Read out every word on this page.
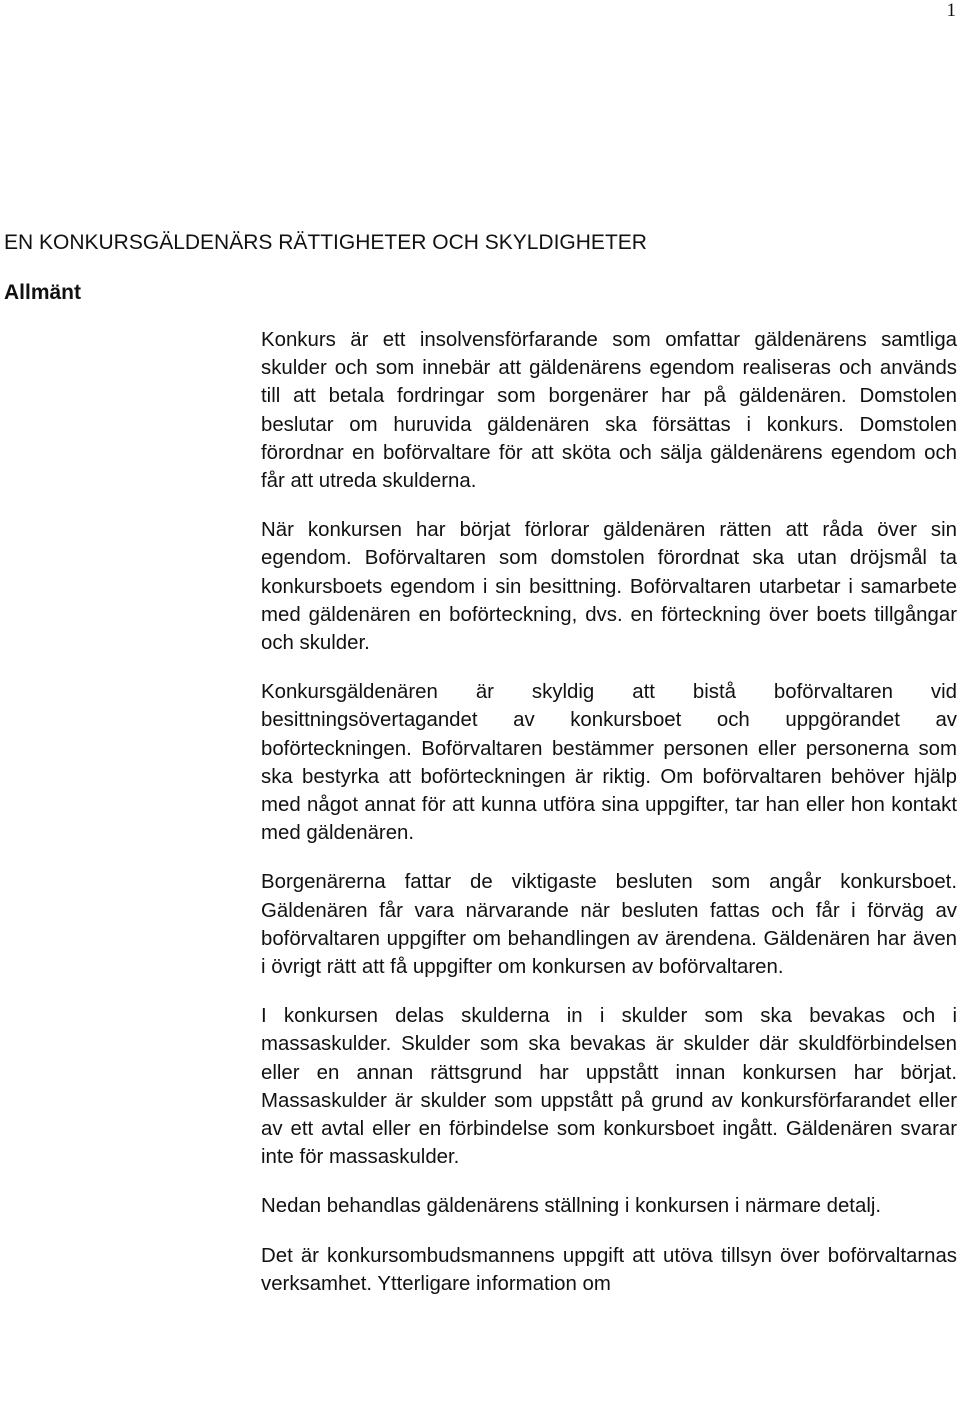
1
EN KONKURSGÄLDENÄRS RÄTTIGHETER OCH SKYLDIGHETER
Allmänt

Konkurs är ett insolvensförfarande som omfattar gäldenärens samtliga skulder och som innebär att gäldenärens egendom realiseras och används till att betala fordringar som borgenärer har på gäldenären. Domstolen beslutar om huruvida gäldenären ska försättas i konkurs. Domstolen förordnar en boförvaltare för att sköta och sälja gäldenärens egendom och får att utreda skulderna.

När konkursen har börjat förlorar gäldenären rätten att råda över sin egendom. Boförvaltaren som domstolen förordnat ska utan dröjsmål ta konkursboets egendom i sin besittning. Boförvaltaren utarbetar i samarbete med gäldenären en boförteckning, dvs. en förteckning över boets tillgångar och skulder.

Konkursgäldenären är skyldig att bistå boförvaltaren vid besittningsövertagandet av konkursboet och uppgörandet av boförteckningen. Boförvaltaren bestämmer personen eller personerna som ska bestyrka att boförteckningen är riktig. Om boförvaltaren behöver hjälp med något annat för att kunna utföra sina uppgifter, tar han eller hon kontakt med gäldenären.

Borgenärerna fattar de viktigaste besluten som angår konkursboet. Gäldenären får vara närvarande när besluten fattas och får i förväg av boförvaltaren uppgifter om behandlingen av ärendena. Gäldenären har även i övrigt rätt att få uppgifter om konkursen av boförvaltaren.

I konkursen delas skulderna in i skulder som ska bevakas och i massaskulder. Skulder som ska bevakas är skulder där skuldförbindelsen eller en annan rättsgrund har uppstått innan konkursen har börjat. Massaskulder är skulder som uppstått på grund av konkursförfarandet eller av ett avtal eller en förbindelse som konkursboet ingått. Gäldenären svarar inte för massaskulder.

Nedan behandlas gäldenärens ställning i konkursen i närmare detalj.

Det är konkursombudsmannens uppgift att utöva tillsyn över boförvaltarnas verksamhet. Ytterligare information om
